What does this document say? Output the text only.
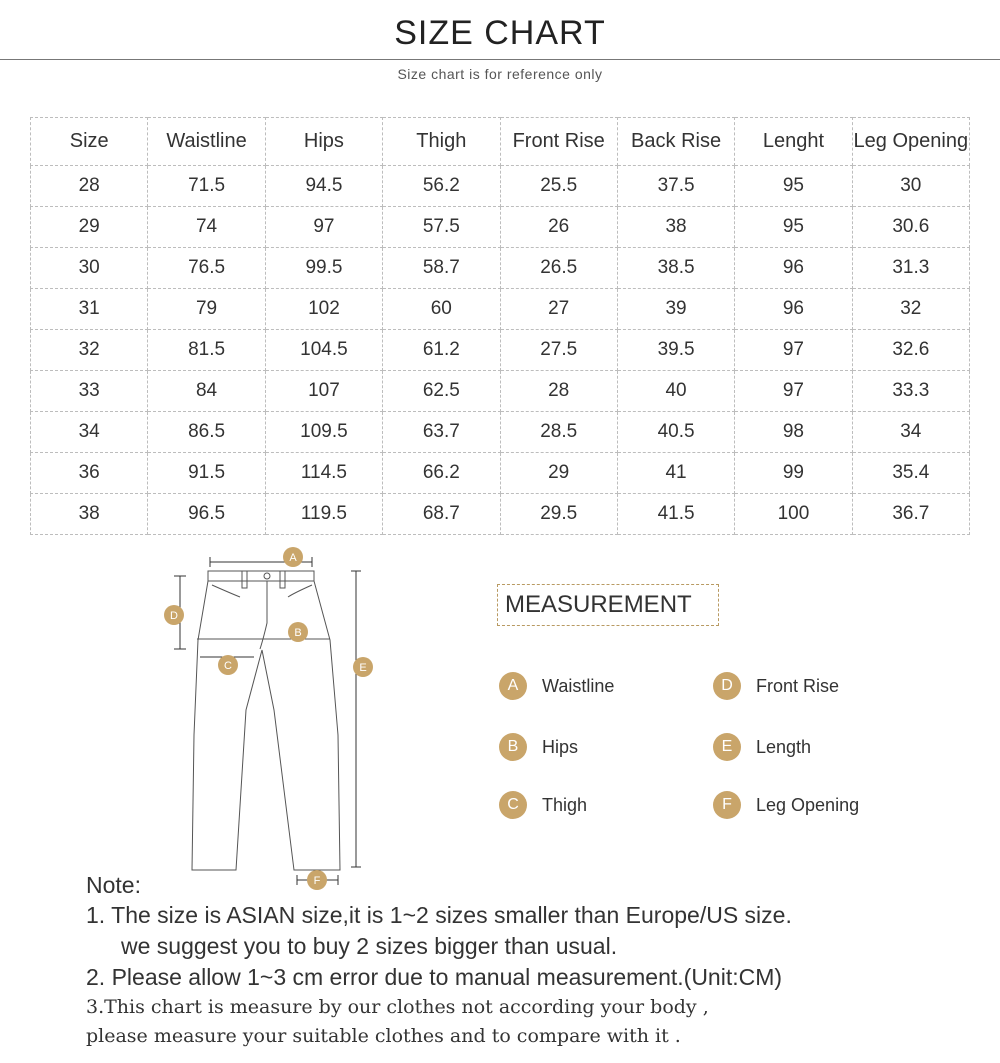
SIZE CHART
Size chart is for reference only
Size	Waistline	Hips	Thigh	Front Rise	Back Rise	Lenght	Leg Opening
28	71.5	94.5	56.2	25.5	37.5	95	30
29	74	97	57.5	26	38	95	30.6
30	76.5	99.5	58.7	26.5	38.5	96	31.3
31	79	102	60	27	39	96	32
32	81.5	104.5	61.2	27.5	39.5	97	32.6
33	84	107	62.5	28	40	97	33.3
34	86.5	109.5	63.7	28.5	40.5	98	34
36	91.5	114.5	66.2	29	41	99	35.4
38	96.5	119.5	68.7	29.5	41.5	100	36.7
A
B
C
D
E
F
MEASUREMENT
A	Waistline
B	Hips
C	Thigh
D	Front Rise
E	Length
F	Leg Opening
Note:
1. The size is ASIAN size,it is 1~2 sizes smaller than Europe/US size.
we suggest you to buy 2 sizes bigger than usual.
2. Please allow 1~3 cm error due to manual measurement.(Unit:CM)
3.This chart is measure by our clothes not according your body ,
please measure your suitable clothes and to compare with it .
